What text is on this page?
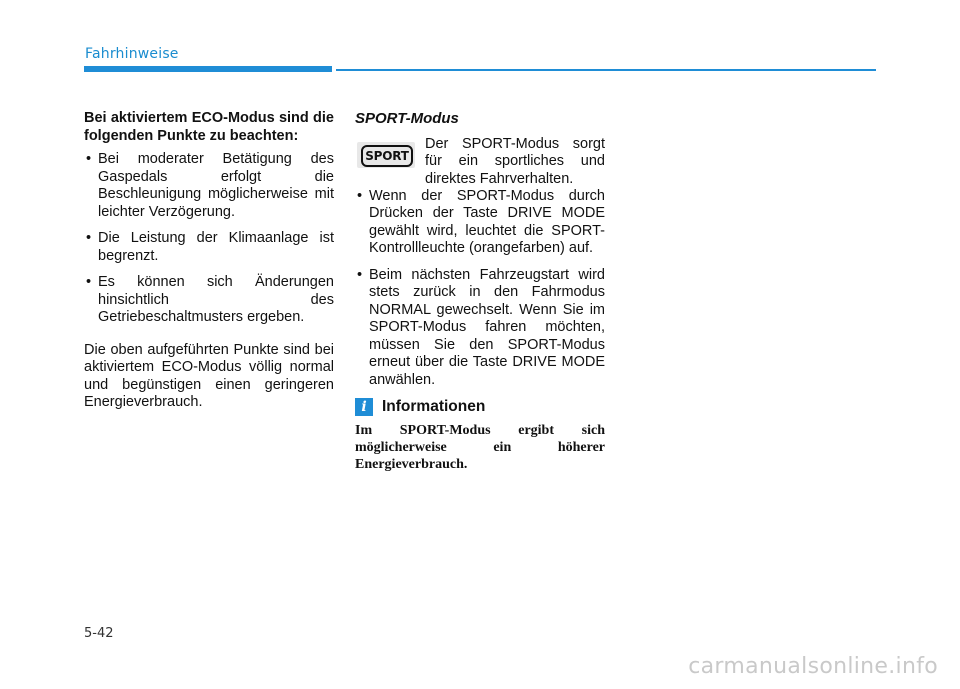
Fahrhinweise

Bei aktiviertem ECO-Modus sind die folgenden Punkte zu beachten:

• Bei moderater Betätigung des Gaspedals erfolgt die Beschleunigung möglicherweise mit leichter Verzögerung.
• Die Leistung der Klimaanlage ist begrenzt.
• Es können sich Änderungen hinsichtlich des Getriebeschaltmusters ergeben.
Die oben aufgeführten Punkte sind bei aktiviertem ECO-Modus völlig normal und begünstigen einen geringeren Energieverbrauch.
SPORT-Modus
SPORT
Der SPORT-Modus sorgt für ein sportliches und direktes Fahrverhalten.
• Wenn der SPORT-Modus durch Drücken der Taste DRIVE MODE gewählt wird, leuchtet die SPORT-Kontrollleuchte (orangefarben) auf.
• Beim nächsten Fahrzeugstart wird stets zurück in den Fahrmodus NORMAL gewechselt. Wenn Sie im SPORT-Modus fahren möchten, müssen Sie den SPORT-Modus erneut über die Taste DRIVE MODE anwählen.
i Informationen
Im SPORT-Modus ergibt sich möglicherweise ein höherer Energieverbrauch.
5-42
carmanualsonline.info
